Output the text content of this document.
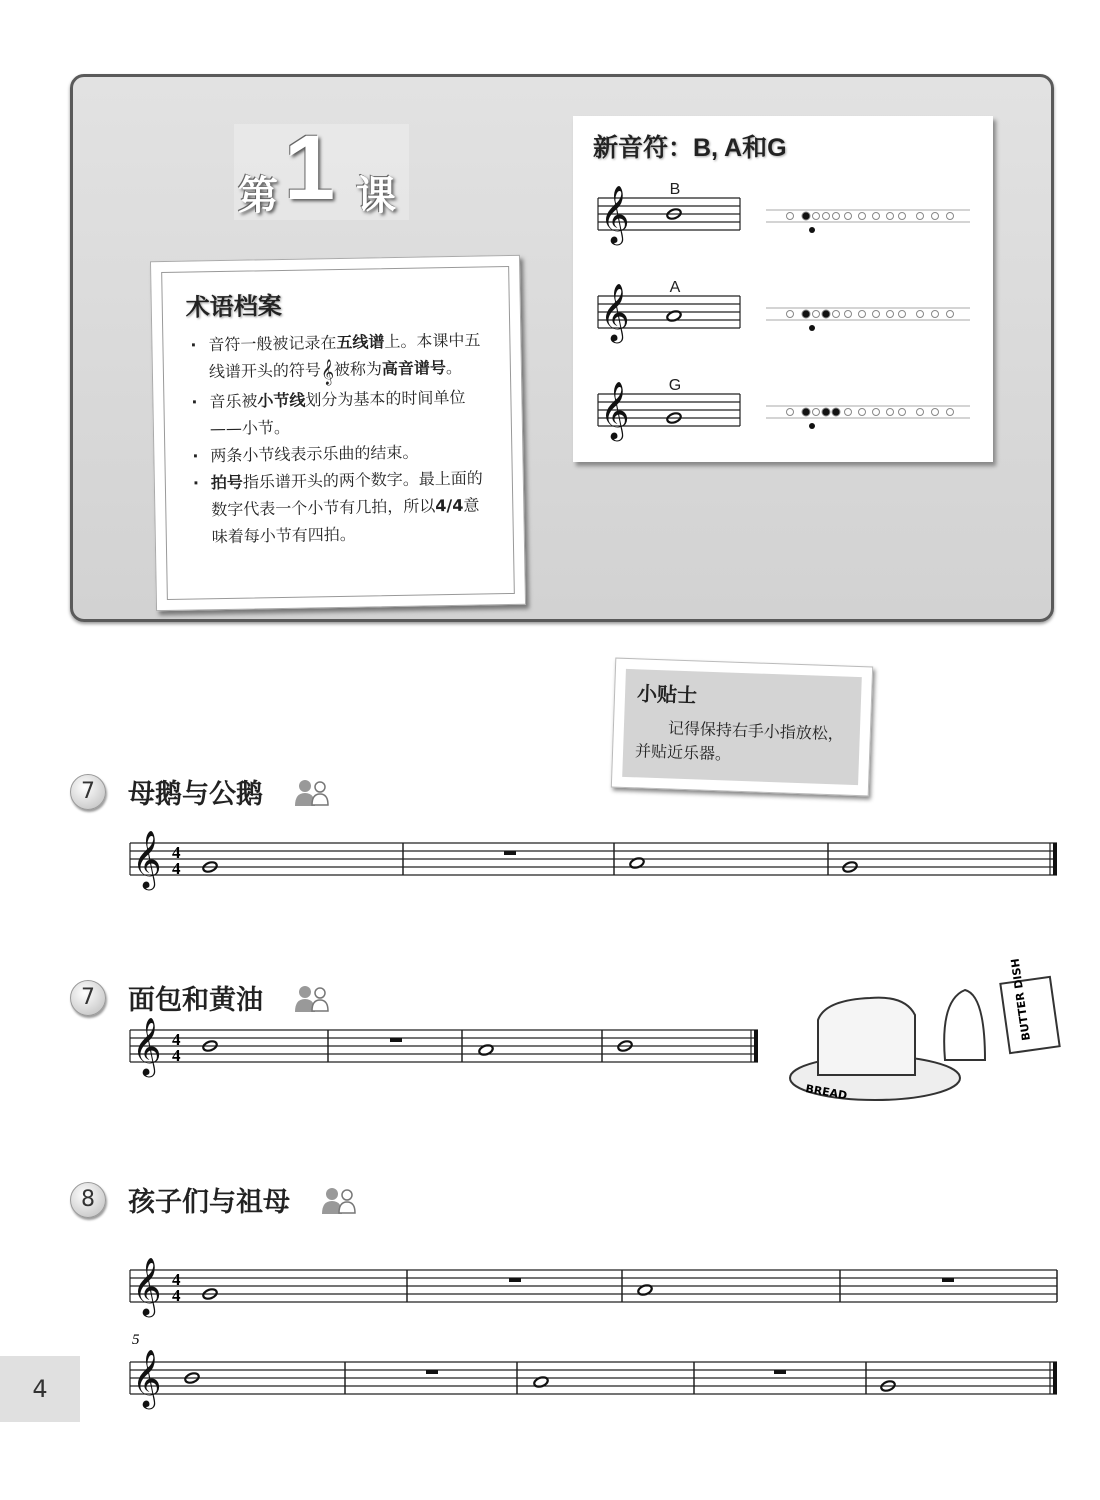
第 1 课
术语档案
· 音符一般被记录在五线谱上。本课中五线谱开头的符号𝄞被称为高音谱号。
· 音乐被小节线划分为基本的时间单位——小节。
· 两条小节线表示乐曲的结束。
· 拍号指乐谱开头的两个数字。最上面的数字代表一个小节有几拍，所以4/4意味着每小节有四拍。
新音符：B, A和G
小贴士

记得保持右手小指放松，并贴近乐器。

7	母鹅与公鹅
7	面包和黄油
8	孩子们与祖母
4
𝄞	B
𝄞	A
𝄞 G
𝄞 4
4
𝄞 4
4
𝄞 4
4
𝄞
5
BREAD
BUTTER DISH
